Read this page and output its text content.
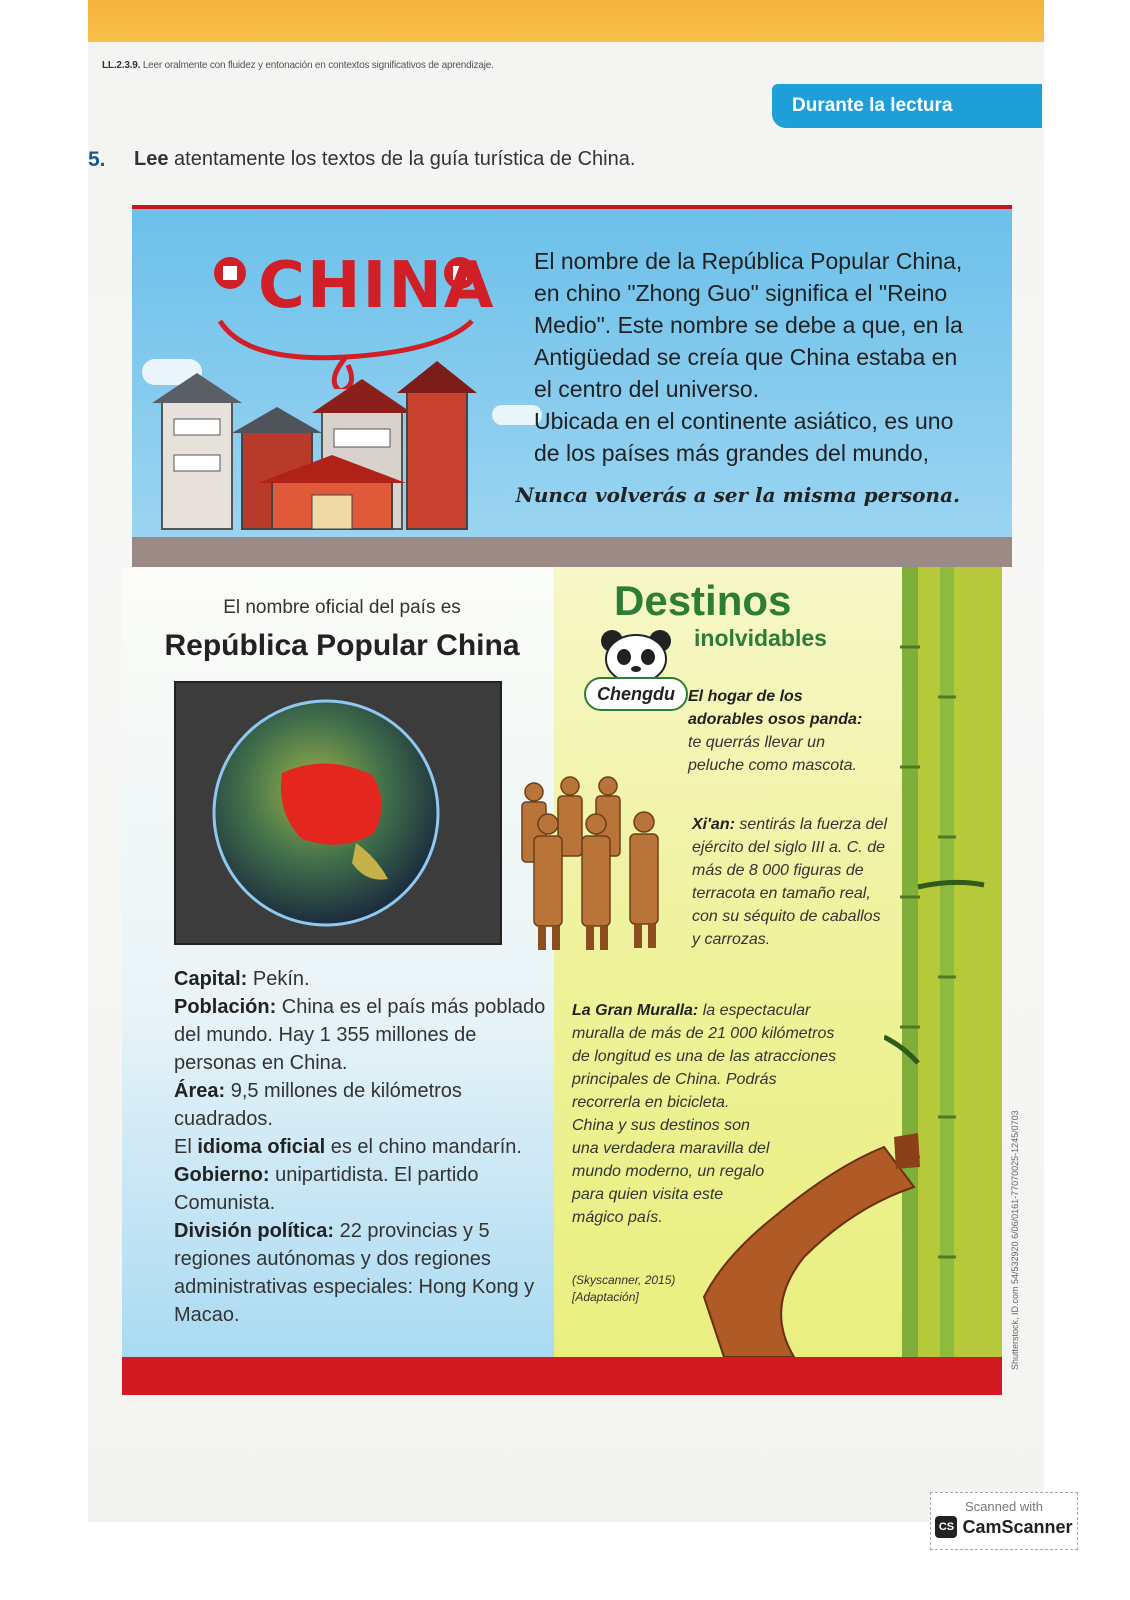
LL.2.3.9. Leer oralmente con fluidez y entonación en contextos significativos de aprendizaje.
Durante la lectura
5. Lee atentamente los textos de la guía turística de China.
CHINA El nombre de la República Popular China,
en chino "Zhong Guo" significa el "Reino
Medio". Este nombre se debe a que, en la
Antigüedad se creía que China estaba en
el centro del universo.
Ubicada en el continente asiático, es uno
de los países más grandes del mundo,
Nunca volverás a ser la misma persona.
El nombre oficial del país es
República Popular China

Capital: Pekín.

Población: China es el país más poblado del mundo. Hay 1 355 millones de personas en China.

Área: 9,5 millones de kilómetros cuadrados.

El idioma oficial es el chino mandarín.

Gobierno: unipartidista. El partido Comunista.

División política: 22 provincias y 5 regiones autónomas y dos regiones administrativas especiales: Hong Kong y Macao.

Destinos
inolvidables
Chengdu El hogar de los adorables osos panda: te querrás llevar un peluche como mascota.
Xi'an: sentirás la fuerza del ejército del siglo III a. C. de más de 8 000 figuras de terracota en tamaño real, con su séquito de caballos y carrozas.
La Gran Muralla: la espectacular muralla de más de 21 000 kilómetros de longitud es una de las atracciones principales de China. Podrás recorrerla en bicicleta.
China y sus destinos son una verdadera maravilla del mundo moderno, un regalo para quien visita este mágico país.
(Skyscanner, 2015)
[Adaptación]	Shutterstock, ID.com 54/532920 6/06/0161-77070025-1245/0703
Scanned with
CS CamScanner
